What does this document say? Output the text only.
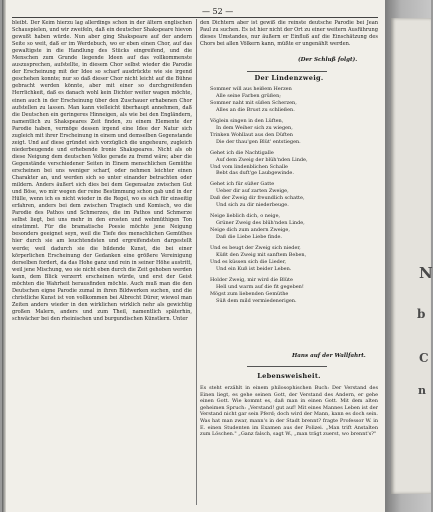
— 52 —
bleibt. Der Keim hierzu lag allerdings schon in der ältern englischen Schauspielen, und wir zweifeln, daß ein deutscher Shakspeare hievon gewußt haben würde. Nun aber ging Shakspeare auf der andern Seite so weit, daß er im Werdebuch, wo er eben einen Chor, auf das gewaltigste in die Handlung des Stücks eingreifend, und die Menschen zum Grunde liegende Ideen auf das vollkommenste auszusprechen, aufstellte, in diesem Chor selbst wieder die Parodie der Erscheinung mit der Idee so scharf ausdrückte wie sie irgend geschehen konnte; nur so daß dieser Chor nicht leicht auf die Bühne gebracht werden könnte, aber mit einer so durchgreifenden Herrlichkeit, daß es danach wohl kein Dichter weiter wagen möchte, einen auch in der Erscheinung über den Zuschauer erhabenen Chor aufstellen zu lassen. Man kann vielleicht überhaupt annehmen, daß die Deutschen ein geringeres Hinneigen, als wie bei den Engländern, namentlich zu Shakspeares Zeit finden, zu einem Elemente der Parodie haben, vermöge dessen irgend eine Idee der Natur sich zugleich mit ihrer Erscheinung in einem und demselben Gegenstande zeigt. Und auf diese gründet sich vorzüglich die ungeheure, zugleich niederbeugende und erhebende Ironie Shakspeares. Nicht als ob diese Neigung dem deutschen Volke gerade zu fremd wäre; aber die Gegenstände verschiedener Seiten in Einem menschlichen Gemüthe erscheinen bei uns weniger scharf, oder nehmen leichter einen Charakter an, und werden sich so unter einander betrachten oder mildern. Anders äußert sich dies bei dem Gegensatze zwischen Gut und Böse, wo mir wegen der reine Bestimmung schon gab und in der Hülle, wenn ich es nicht wieder in die Regel, wo es sich für einseitig erfahren, anders bei dem zwischen Tragisch und Komisch, wo die Parodie des Pathos und Schmerzes, die im Pathos und Schmerze selbst liegt, bei uns mehr in den erosten und wehmüthigen Ton einstimmt. Für die bramatische Poesie möchte jene Neigung besonders geeignet seyn, weil die Tiefe des menschlichen Gemüthes hier durch sie am leuchtendsten und ergreifendsten dargestellt werde; weil dadurch sie die bildende Kunst, die bei einer körperlichen Erscheinung der Gedanken eine größere Vereinigung derselben fordert, da das Hohe ganz und rein in seiner Höhe austritt, weil jene Mischung, wo sie nicht eben durch die Zeit gehoben werden kann, dem Blick verzerrt erscheinen würde, und erst der Geist möchten die Wahrheit herausfinden möchte. Auch muß man die den Deutschen eigne Parodie zumal in ihren Bildwerken suchen, und die christliche Kunst ist von vollkommen bei Albrecht Dürer, wiewol man Zeiten anders wieder in den wirklichen wirklich nehr als gewichtig großen Malern, anders und zum Theil, namentlich späterhin, schwächer bei den rheinischen und burgundischen Künstlern. Unter
den Dichtern aber ist gewiß die reinste deutsche Parodie bei Jean Paul zu suchen. Es ist hier nicht der Ort zu einer weitern Ausführung dieses Umstandes, nur äußern er Einfluß auf die Einschätzung des Chors bei allen Völkern kann, müßte er ungenählt werden.
(Der Schluß folgt).
Der Lindenzweig.
Sommer will aus heißem Herzen
Alle seine Farben grüßen;
Sommer naht mit süßen Scherzen,
Alles an die Brust zu schließen.
Vöglein singen in den Lüften,
In dem Weiher sich zu wiegen,
Trinken Wohllaut aus den Düften
Die der thau'gen Blüt' entstiegen.
Gehet ich die Nachtigalle
Auf dem Zweig der blüh'nden Linde,
Und vom lindenblichen Schalle
Bebt das duft'ge Laubgewinde.
Gehet ich für süßer Gatte
Ueber dir auf zarten Zweige,
Daß der Zweig dir freundlich schatte,
Und sich zu dir niederbeuge.
Neige lieblich dich, o neige,
Grüner Zweig des blüh'nden Linde,
Neige dich zum andern Zweige,
Daß die Liebe Liebe finde.
Und es beugt der Zweig sich nieder,
Küßt den Zweig mit sanftem Beben,
Und es küssen sich die Lieder,
Und ein Kuß ist beider Leben.
Holder Zweig, mir wird die Blüte
Hell und warm auf die fit gegeben!
Mögst zum liebenden Gemüthe
Süß dem mild vermiedenerigen.
Hans auf der Wallfahrt.
Lebensweisheit.
Es steht erzählt in einem philosophischen Buch: Der Verstand des Einen liegt, es gehe seinen Gott, der Verstand des Andern, er gehe einen Gott. Wie kommt es, daß man in einen Gott. Mit dem alten geheimen Spruch: „Verstand! gut auf! Mit eines Mannes Leben ist der Verstand nicht gar sein Pferd; doch wird der Mann, kann es doch sein. Was hat man zwar, mann's in der Stadt brennt? fragte Professor W. in E. einen Studenten im Examen aus der Polizei. „Man trift Anstalten zum Löschen." „Ganz falsch, sagt W., „man trägt zuerst, wo brennt's?"
N
b
C
n
